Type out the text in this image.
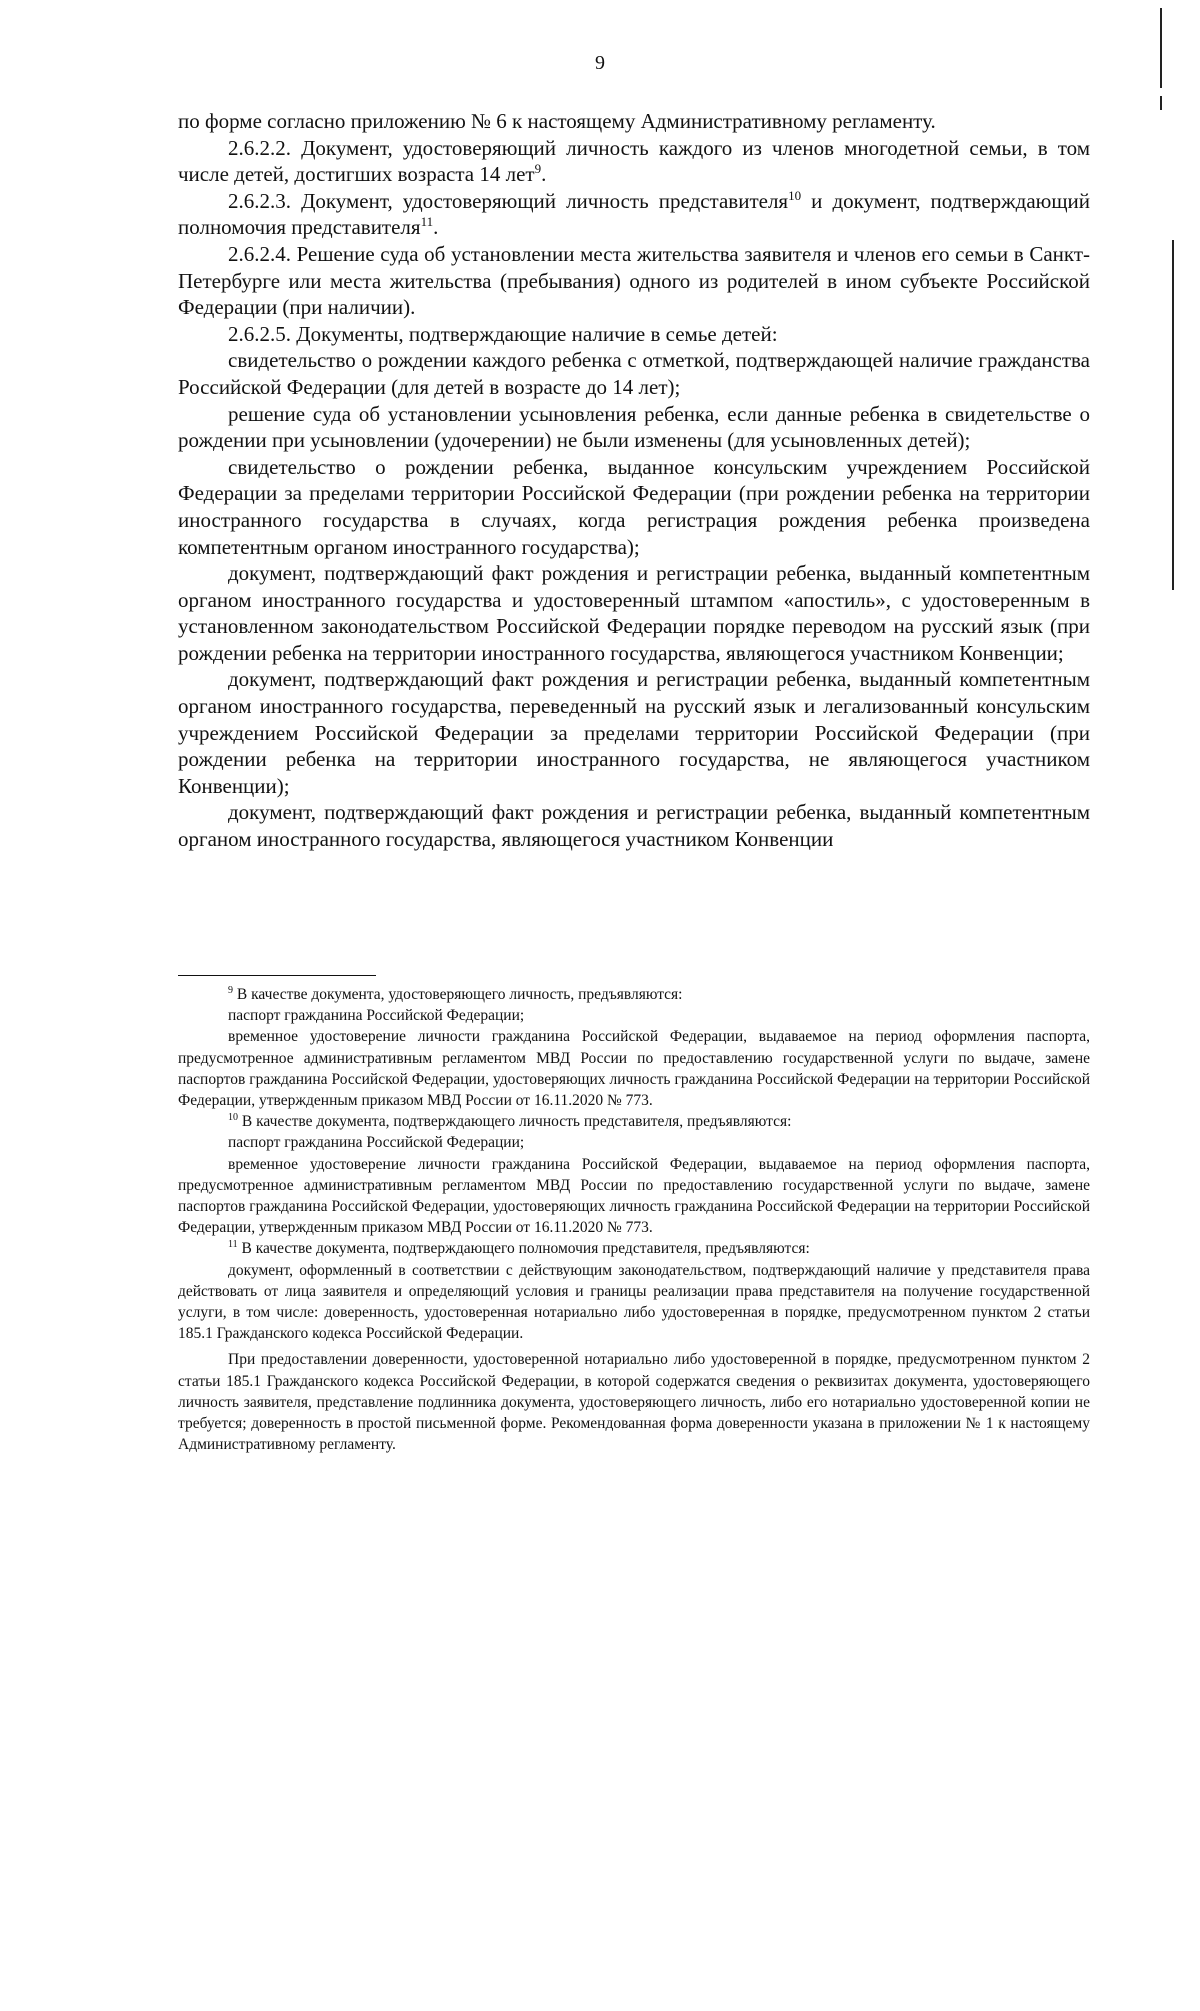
9

по форме согласно приложению № 6 к настоящему Административному регламенту.

2.6.2.2. Документ, удостоверяющий личность каждого из членов многодетной семьи, в том числе детей, достигших возраста 14 лет$^9$.

2.6.2.3. Документ, удостоверяющий личность представителя$^{10}$ и документ, подтверждающий полномочия представителя$^{11}$.

2.6.2.4. Решение суда об установлении места жительства заявителя и членов его семьи в Санкт-Петербурге или места жительства (пребывания) одного из родителей в ином субъекте Российской Федерации (при наличии).

2.6.2.5. Документы, подтверждающие наличие в семье детей:

свидетельство о рождении каждого ребенка с отметкой, подтверждающей наличие гражданства Российской Федерации (для детей в возрасте до 14 лет);

решение суда об установлении усыновления ребенка, если данные ребенка в свидетельстве о рождении при усыновлении (удочерении) не были изменены (для усыновленных детей);

свидетельство о рождении ребенка, выданное консульским учреждением Российской Федерации за пределами территории Российской Федерации (при рождении ребенка на территории иностранного государства в случаях, когда регистрация рождения ребенка произведена компетентным органом иностранного государства);

документ, подтверждающий факт рождения и регистрации ребенка, выданный компетентным органом иностранного государства и удостоверенный штампом «апостиль», с удостоверенным в установленном законодательством Российской Федерации порядке переводом на русский язык (при рождении ребенка на территории иностранного государства, являющегося участником Конвенции;

документ, подтверждающий факт рождения и регистрации ребенка, выданный компетентным органом иностранного государства, переведенный на русский язык и легализованный консульским учреждением Российской Федерации за пределами территории Российской Федерации (при рождении ребенка на территории иностранного государства, не являющегося участником Конвенции);

документ, подтверждающий факт рождения и регистрации ребенка, выданный компетентным органом иностранного государства, являющегося участником Конвенции

$^9$ В качестве документа, удостоверяющего личность, предъявляются:

паспорт гражданина Российской Федерации;

временное удостоверение личности гражданина Российской Федерации, выдаваемое на период оформления паспорта, предусмотренное административным регламентом МВД России по предоставлению государственной услуги по выдаче, замене паспортов гражданина Российской Федерации, удостоверяющих личность гражданина Российской Федерации на территории Российской Федерации, утвержденным приказом МВД России от 16.11.2020 № 773.

$^{10}$ В качестве документа, подтверждающего личность представителя, предъявляются:

паспорт гражданина Российской Федерации;

временное удостоверение личности гражданина Российской Федерации, выдаваемое на период оформления паспорта, предусмотренное административным регламентом МВД России по предоставлению государственной услуги по выдаче, замене паспортов гражданина Российской Федерации, удостоверяющих личность гражданина Российской Федерации на территории Российской Федерации, утвержденным приказом МВД России от 16.11.2020 № 773.

$^{11}$ В качестве документа, подтверждающего полномочия представителя, предъявляются:

документ, оформленный в соответствии с действующим законодательством, подтверждающий наличие у представителя права действовать от лица заявителя и определяющий условия и границы реализации права представителя на получение государственной услуги, в том числе: доверенность, удостоверенная нотариально либо удостоверенная в порядке, предусмотренном пунктом 2 статьи 185.1 Гражданского кодекса Российской Федерации.

При предоставлении доверенности, удостоверенной нотариально либо удостоверенной в порядке, предусмотренном пунктом 2 статьи 185.1 Гражданского кодекса Российской Федерации, в которой содержатся сведения о реквизитах документа, удостоверяющего личность заявителя, представление подлинника документа, удостоверяющего личность, либо его нотариально удостоверенной копии не требуется; доверенность в простой письменной форме. Рекомендованная форма доверенности указана в приложении № 1 к настоящему Административному регламенту.
